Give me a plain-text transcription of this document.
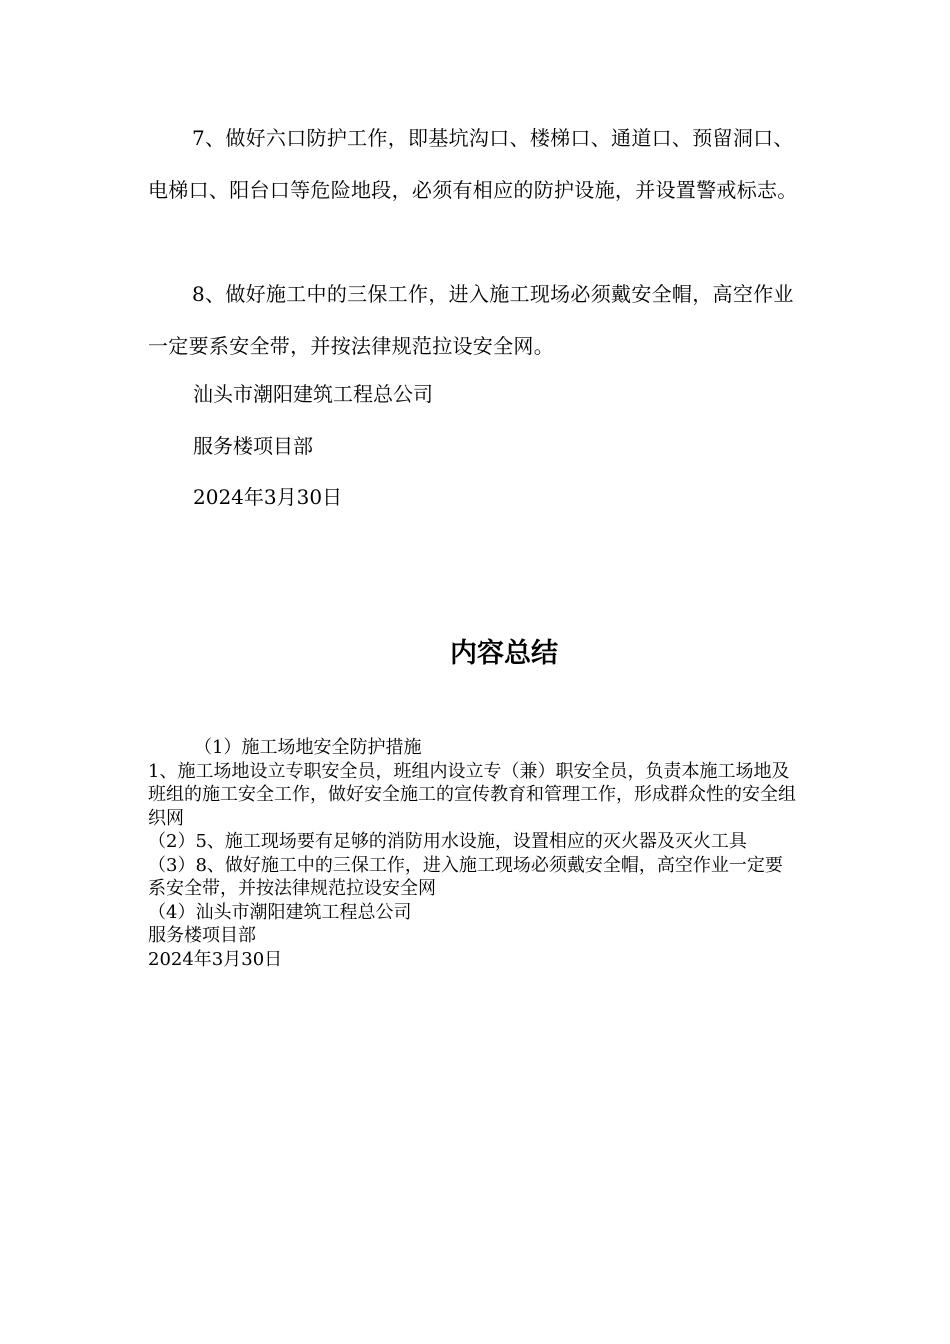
7、做好六口防护工作，即基坑沟口、楼梯口、通道口、预留洞口、电梯口、阳台口等危险地段，必须有相应的防护设施，并设置警戒标志。

8、做好施工中的三保工作，进入施工现场必须戴安全帽，高空作业一定要系安全带，并按法律规范拉设安全网。

汕头市潮阳建筑工程总公司

服务楼项目部

2024年3月30日

内容总结

（1）施工场地安全防护措施

1、施工场地设立专职安全员，班组内设立专（兼）职安全员，负责本施工场地及班组的施工安全工作，做好安全施工的宣传教育和管理工作，形成群众性的安全组织网

（2）5、施工现场要有足够的消防用水设施，设置相应的灭火器及灭火工具

（3）8、做好施工中的三保工作，进入施工现场必须戴安全帽，高空作业一定要系安全带，并按法律规范拉设安全网

（4）汕头市潮阳建筑工程总公司

服务楼项目部

2024年3月30日
